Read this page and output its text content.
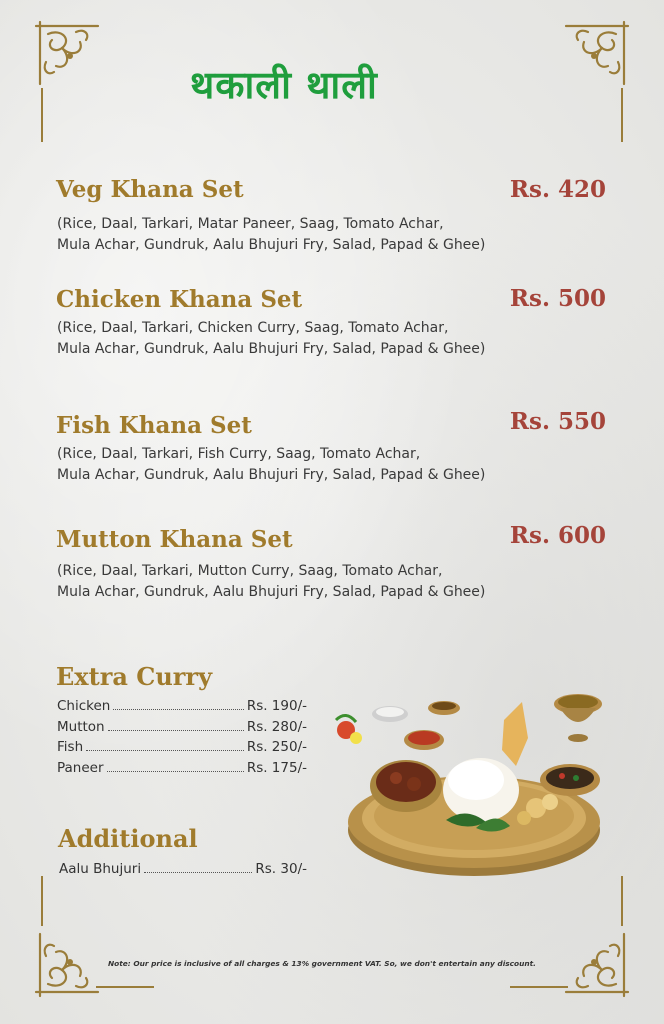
थकाली थाली
Veg Khana Set	Rs. 420
(Rice, Daal, Tarkari, Matar Paneer, Saag, Tomato Achar,
Mula Achar, Gundruk, Aalu Bhujuri Fry, Salad, Papad & Ghee)
Chicken Khana Set	Rs. 500
(Rice, Daal, Tarkari, Chicken Curry, Saag, Tomato Achar,
Mula Achar, Gundruk, Aalu Bhujuri Fry, Salad, Papad & Ghee)
Fish Khana Set	Rs. 550
(Rice, Daal, Tarkari, Fish Curry, Saag, Tomato Achar,
Mula Achar, Gundruk, Aalu Bhujuri Fry, Salad, Papad & Ghee)
Mutton Khana Set	Rs. 600
(Rice, Daal, Tarkari, Mutton Curry, Saag, Tomato Achar,
Mula Achar, Gundruk, Aalu Bhujuri Fry, Salad, Papad & Ghee)
Extra Curry
Chicken	Rs. 190/-
Mutton	Rs. 280/-
Fish	Rs. 250/-
Paneer	Rs. 175/-
Additional
Aalu Bhujuri	Rs. 30/-
Note: Our price is inclusive of all charges & 13% government VAT. So, we don't entertain any discount.
